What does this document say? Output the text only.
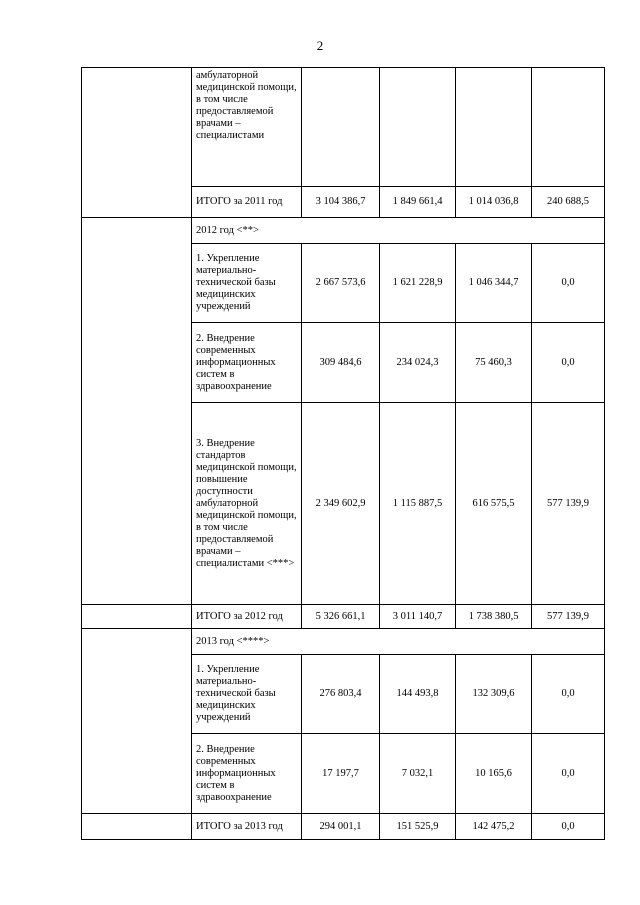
2
	амбулаторной медицинской помощи, в том числе предоставляемой врачами – специалистами				
	ИТОГО за 2011 год	3 104 386,7	1 849 661,4	1 014 036,8	240 688,5
	2012 год <**>				
	1. Укрепление материально-технической базы медицинских учреждений	2 667 573,6	1 621 228,9	1 046 344,7	0,0
	2. Внедрение современных информационных систем в здравоохранение	309 484,6	234 024,3	75 460,3	0,0
	3. Внедрение стандартов медицинской помощи, повышение доступности амбулаторной медицинской помощи, в том числе предоставляемой врачами – специалистами <***>	2 349 602,9	1 115 887,5	616 575,5	577 139,9
	ИТОГО за 2012 год	5 326 661,1	3 011 140,7	1 738 380,5	577 139,9
	2013 год <****>				
	1. Укрепление материально-технической базы медицинских учреждений	276 803,4	144 493,8	132 309,6	0,0
	2. Внедрение современных информационных систем в здравоохранение	17 197,7	7 032,1	10 165,6	0,0
	ИТОГО за 2013 год	294 001,1	151 525,9	142 475,2	0,0
